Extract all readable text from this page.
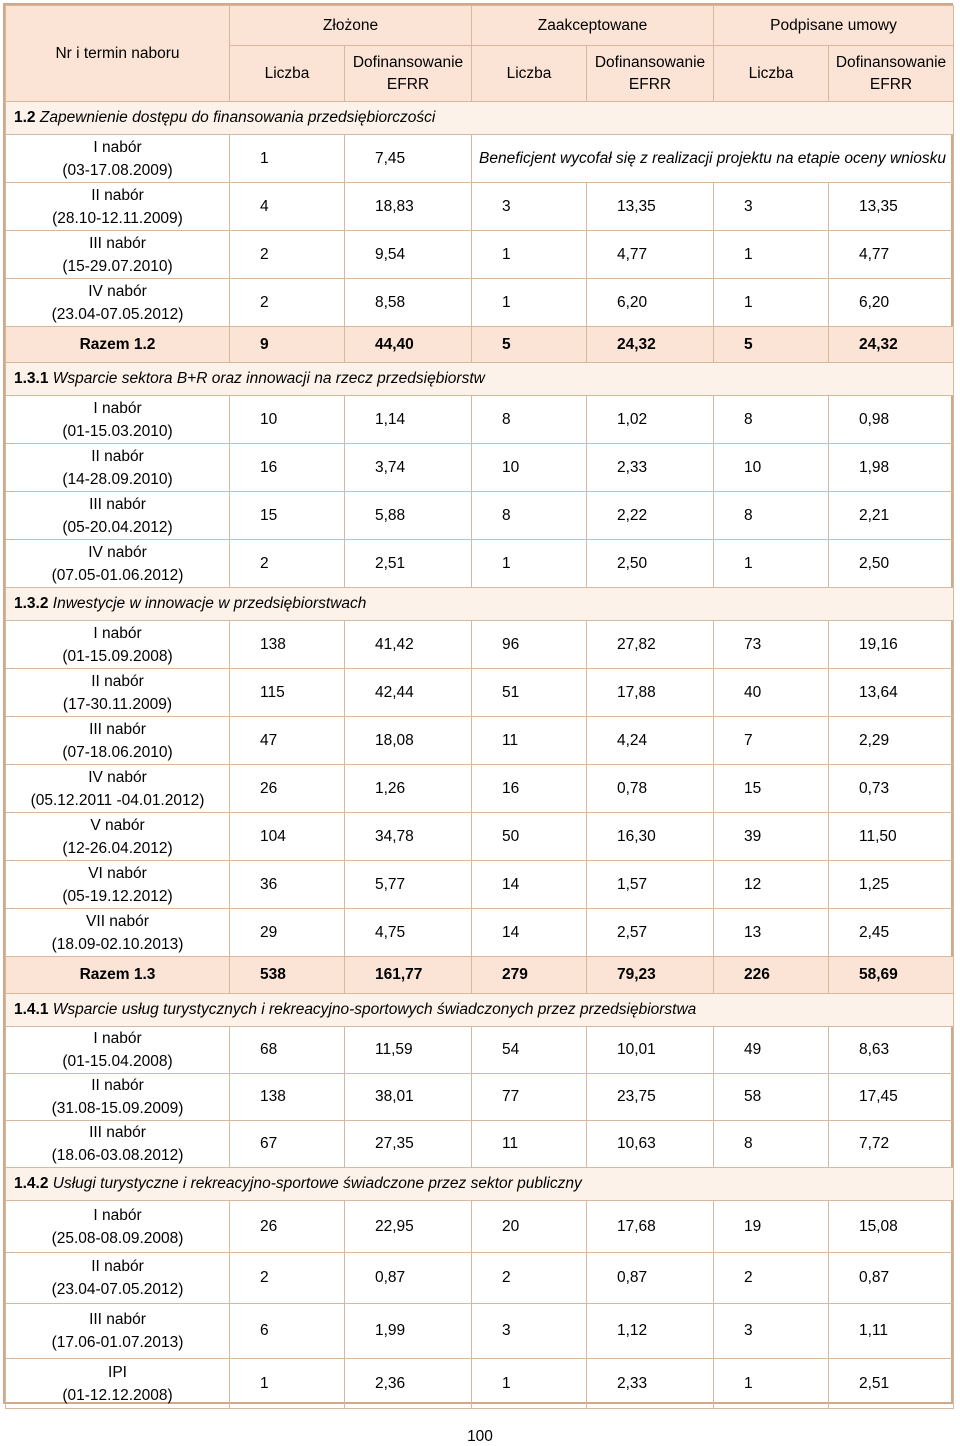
Nr i termin naboru	Złożone		Zaakceptowane		Podpisane umowy	
	Liczba	Dofinansowanie EFRR	Liczba	Dofinansowanie EFRR	Liczba	Dofinansowanie EFRR
1.2 Zapewnienie dostępu do finansowania przedsiębiorczości						

I nabór
(03-17.08.2009)	1	7,45	Beneficjent wycofał się z realizacji projektu na etapie oceny wniosku			

II nabór
(28.10-12.11.2009)	4	18,83	3	13,35	3	13,35

III nabór
(15-29.07.2010)	2	9,54	1	4,77	1	4,77

IV nabór
(23.04-07.05.2012)	2	8,58	1	6,20	1	6,20
Razem 1.2	9	44,40	5	24,32	5	24,32
1.3.1 Wsparcie sektora B+R oraz innowacji na rzecz przedsiębiorstw						

I nabór
(01-15.03.2010)	10	1,14	8	1,02	8	0,98

II nabór
(14-28.09.2010)	16	3,74	10	2,33	10	1,98

III nabór
(05-20.04.2012)	15	5,88	8	2,22	8	2,21

IV nabór
(07.05-01.06.2012)	2	2,51	1	2,50	1	2,50
1.3.2 Inwestycje w innowacje w przedsiębiorstwach						

I nabór
(01-15.09.2008)	138	41,42	96	27,82	73	19,16

II nabór
(17-30.11.2009)	115	42,44	51	17,88	40	13,64

III nabór
(07-18.06.2010)	47	18,08	11	4,24	7	2,29

IV nabór
(05.12.2011 -04.01.2012)	26	1,26	16	0,78	15	0,73

V nabór
(12-26.04.2012)	104	34,78	50	16,30	39	11,50

VI nabór
(05-19.12.2012)	36	5,77	14	1,57	12	1,25

VII nabór
(18.09-02.10.2013)	29	4,75	14	2,57	13	2,45
Razem 1.3	538	161,77	279	79,23	226	58,69
1.4.1 Wsparcie usług turystycznych i rekreacyjno-sportowych świadczonych przez przedsiębiorstwa						

I nabór
(01-15.04.2008)	68	11,59	54	10,01	49	8,63

II nabór
(31.08-15.09.2009)	138	38,01	77	23,75	58	17,45

III nabór
(18.06-03.08.2012)	67	27,35	11	10,63	8	7,72
1.4.2 Usługi turystyczne i rekreacyjno-sportowe świadczone przez sektor publiczny						

I nabór
(25.08-08.09.2008)	26	22,95	20	17,68	19	15,08

II nabór
(23.04-07.05.2012)	2	0,87	2	0,87	2	0,87

III nabór
(17.06-01.07.2013)	6	1,99	3	1,12	3	1,11

IPI
(01-12.12.2008)	1	2,36	1	2,33	1	2,51
100
